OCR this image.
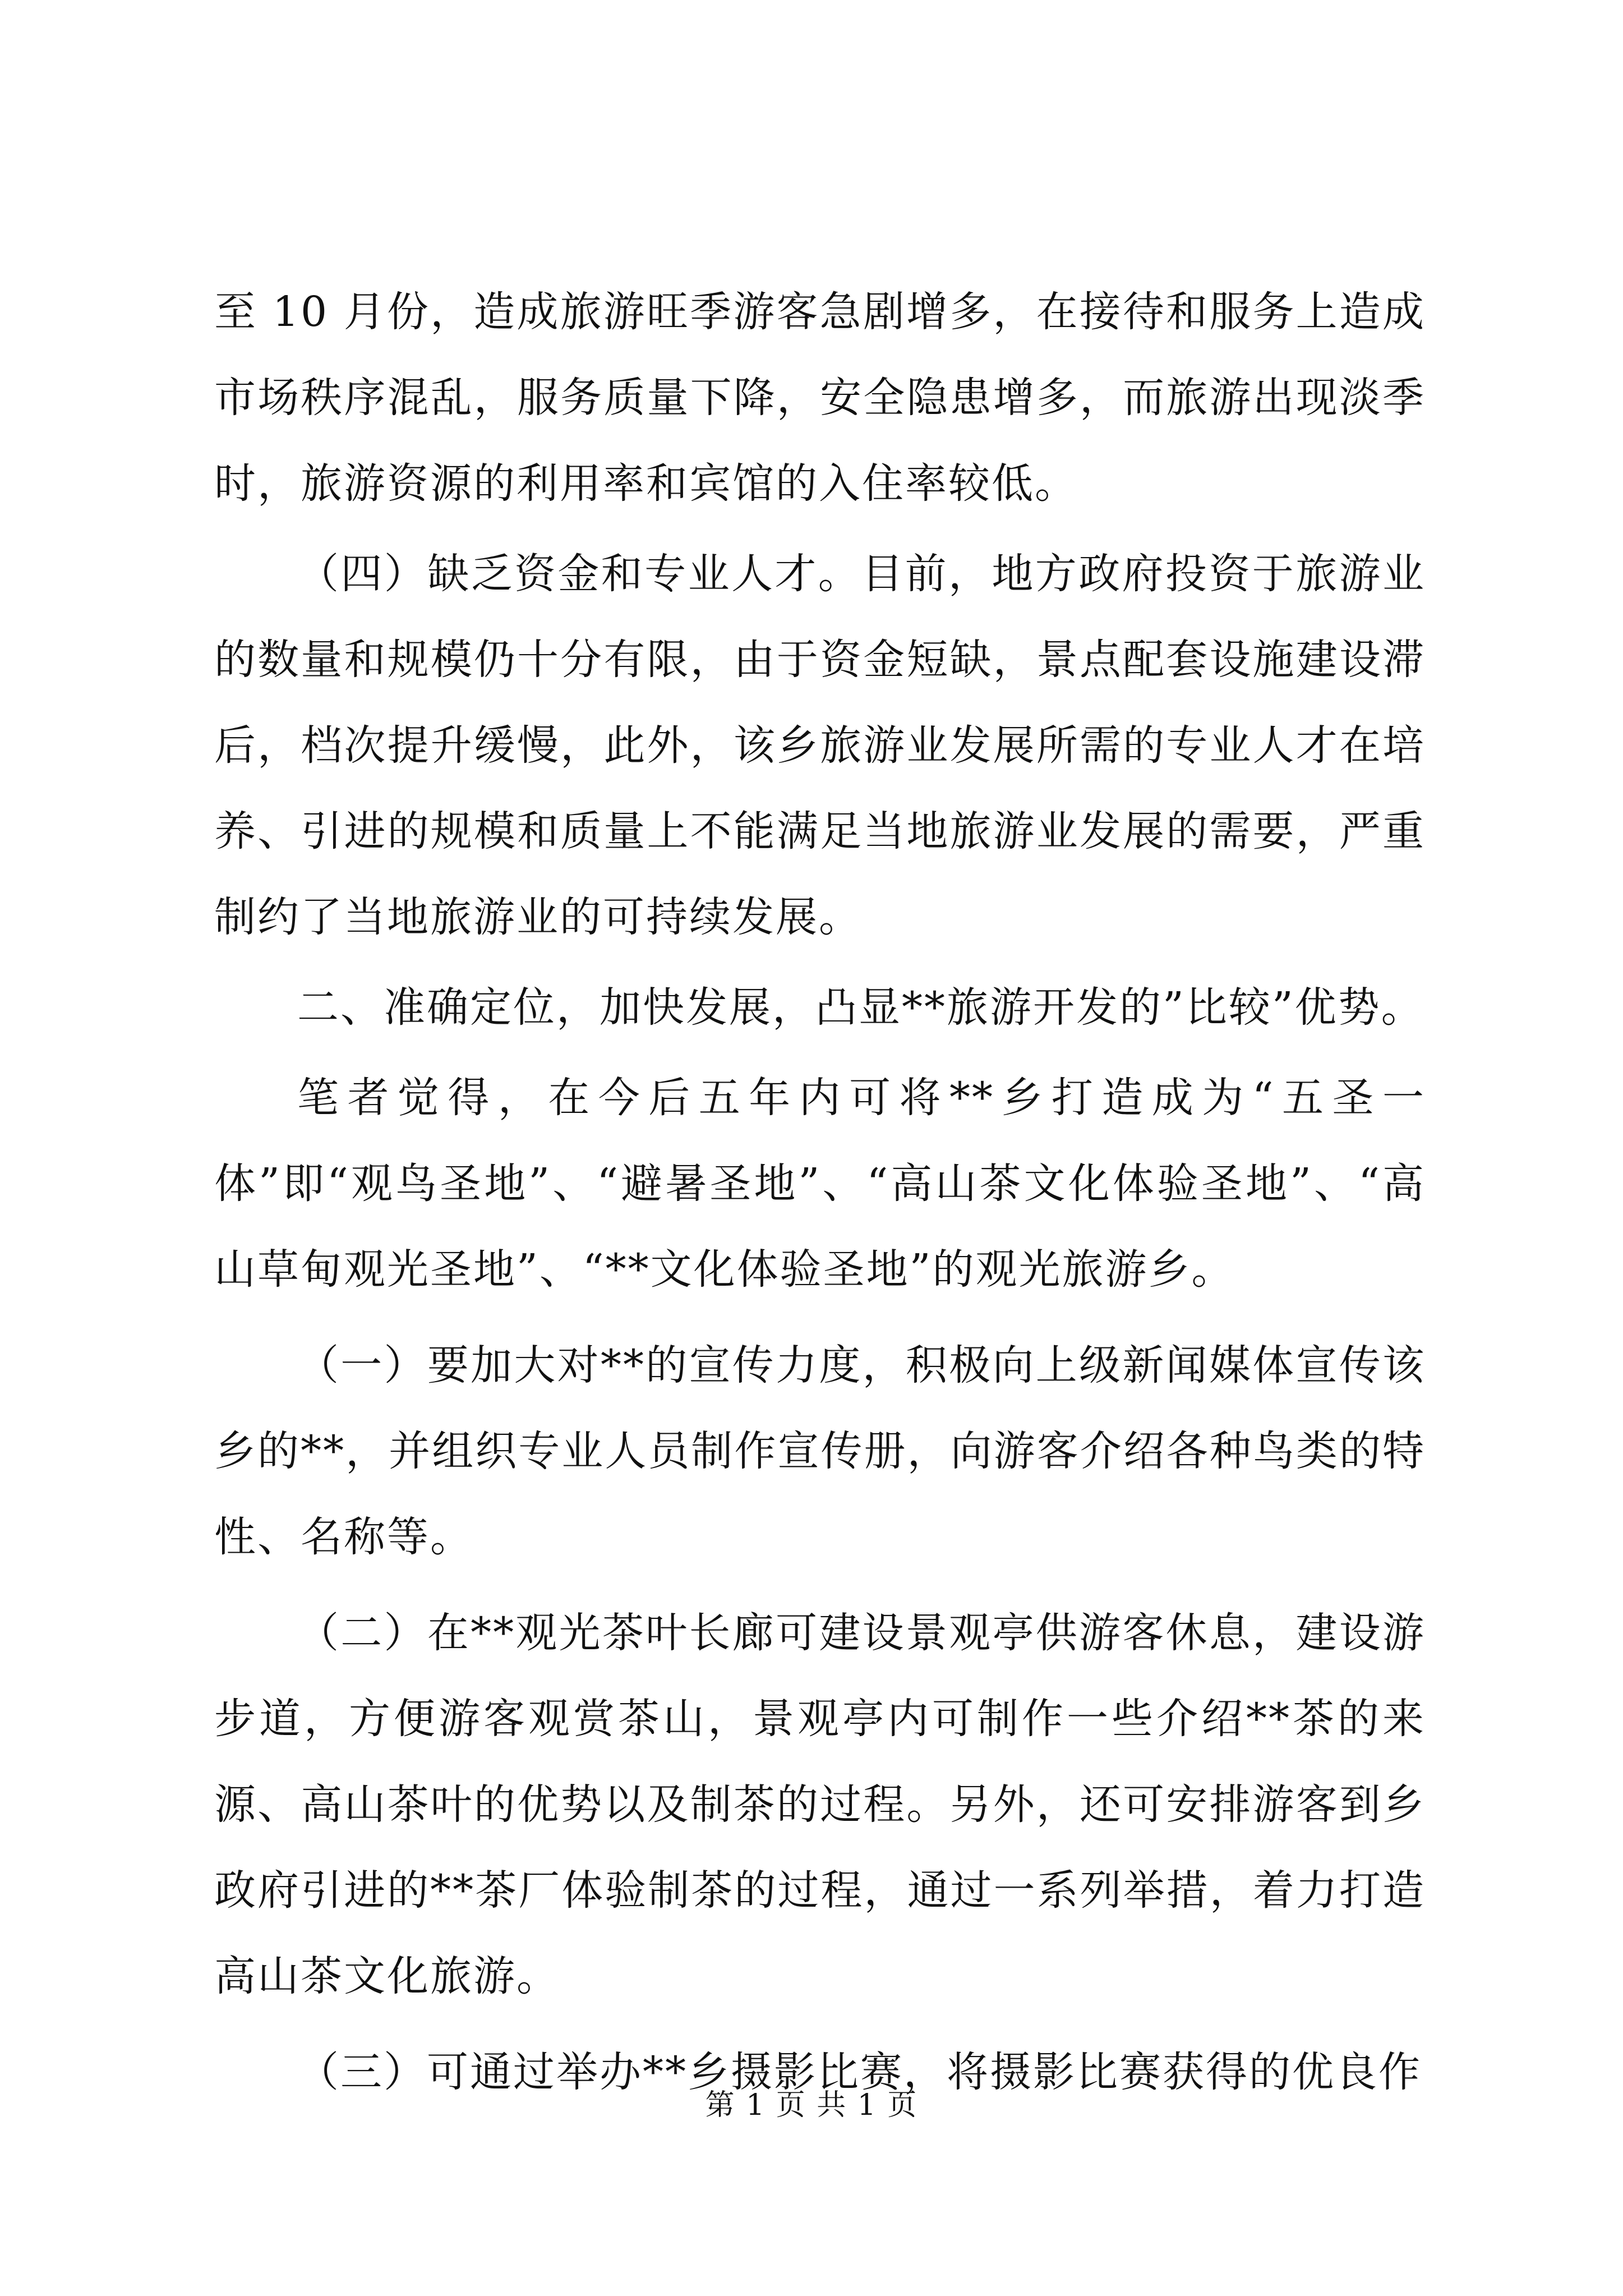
至 10 月份，造成旅游旺季游客急剧增多，在接待和服务上造成市场秩序混乱，服务质量下降，安全隐患增多，而旅游出现淡季时，旅游资源的利用率和宾馆的入住率较低。

（四）缺乏资金和专业人才。目前，地方政府投资于旅游业的数量和规模仍十分有限，由于资金短缺，景点配套设施建设滞后，档次提升缓慢，此外，该乡旅游业发展所需的专业人才在培养、引进的规模和质量上不能满足当地旅游业发展的需要，严重制约了当地旅游业的可持续发展。

二、准确定位，加快发展，凸显**旅游开发的”比较”优势。

笔者觉得，在今后五年内可将**乡打造成为“五圣一体”即“观鸟圣地”、“避暑圣地”、“高山茶文化体验圣地”、“高山草甸观光圣地”、“**文化体验圣地”的观光旅游乡。

（一）要加大对**的宣传力度，积极向上级新闻媒体宣传该乡的**，并组织专业人员制作宣传册，向游客介绍各种鸟类的特性、名称等。

（二）在**观光茶叶长廊可建设景观亭供游客休息，建设游步道，方便游客观赏茶山，景观亭内可制作一些介绍**茶的来源、高山茶叶的优势以及制茶的过程。另外，还可安排游客到乡政府引进的**茶厂体验制茶的过程，通过一系列举措，着力打造高山茶文化旅游。

（三）可通过举办**乡摄影比赛，将摄影比赛获得的优良作

第 1 页 共 1 页
